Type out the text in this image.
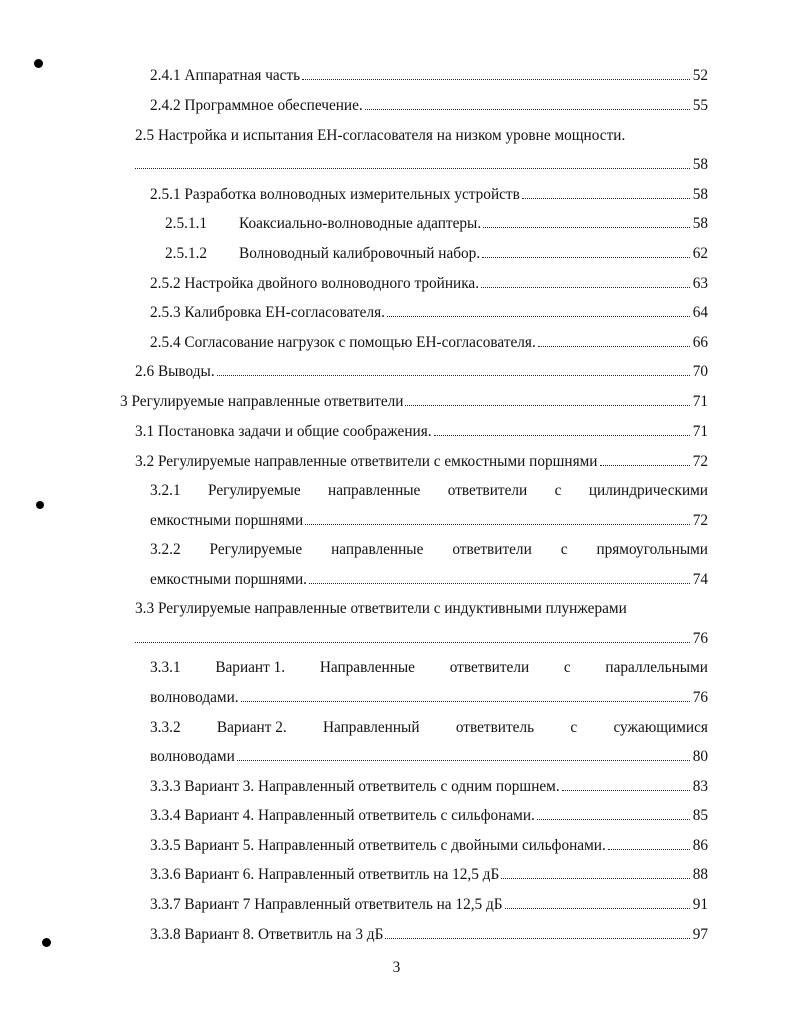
2.4.1 Аппаратная часть	52
2.4.2 Программное обеспечение.	55
2.5 Настройка и испытания ЕН-согласователя на низком уровне мощности.
58
2.5.1 Разработка волноводных измерительных устройств	58
2.5.1.1 Коаксиально-волноводные адаптеры.	58
2.5.1.2 Волноводный калибровочный набор.	62
2.5.2 Настройка двойного волноводного тройника.	63
2.5.3 Калибровка ЕН-согласователя.	64
2.5.4 Согласование нагрузок с помощью ЕН-согласователя.	66
2.6 Выводы.	70
3 Регулируемые направленные ответвители	71
3.1 Постановка задачи и общие соображения.	71
3.2 Регулируемые направленные ответвители с емкостными поршнями	72
3.2.1 Регулируемые направленные ответвители с цилиндрическими
емкостными поршнями	72
3.2.2 Регулируемые направленные ответвители с прямоугольными
емкостными поршнями.	74
3.3 Регулируемые направленные ответвители с индуктивными плунжерами
76
3.3.1 Вариант 1. Направленные ответвители с параллельными
волноводами.	76
3.3.2 Вариант 2. Направленный ответвитель с сужающимися
волноводами	80
3.3.3 Вариант 3. Направленный ответвитель с одним поршнем.	83
3.3.4 Вариант 4. Направленный ответвитель с сильфонами.	85
3.3.5 Вариант 5. Направленный ответвитель с двойными сильфонами.	86
3.3.6 Вариант 6. Направленный ответвитль на 12,5 дБ	88
3.3.7 Вариант 7 Направленный ответвитель на 12,5 дБ	91
3.3.8 Вариант 8. Ответвитль на 3 дБ	97
3
